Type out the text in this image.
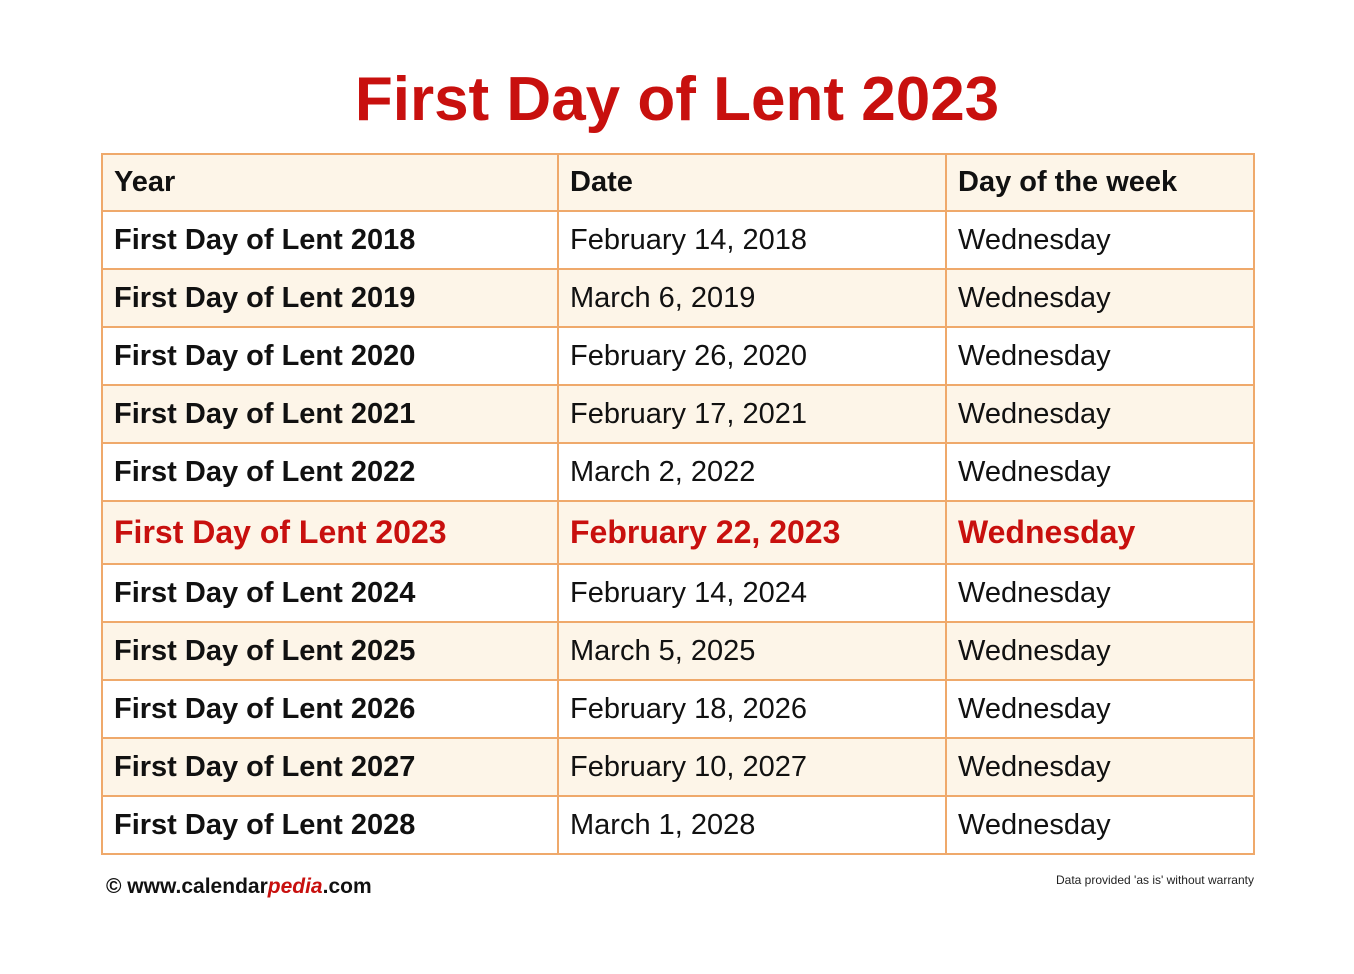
First Day of Lent 2023
Year	Date	Day of the week
First Day of Lent 2018	February 14, 2018	Wednesday
First Day of Lent 2019	March 6, 2019	Wednesday
First Day of Lent 2020	February 26, 2020	Wednesday
First Day of Lent 2021	February 17, 2021	Wednesday
First Day of Lent 2022	March 2, 2022	Wednesday
First Day of Lent 2023	February 22, 2023	Wednesday
First Day of Lent 2024	February 14, 2024	Wednesday
First Day of Lent 2025	March 5, 2025	Wednesday
First Day of Lent 2026	February 18, 2026	Wednesday
First Day of Lent 2027	February 10, 2027	Wednesday
First Day of Lent 2028	March 1, 2028	Wednesday
© www.calendarpedia.com	Data provided 'as is' without warranty
